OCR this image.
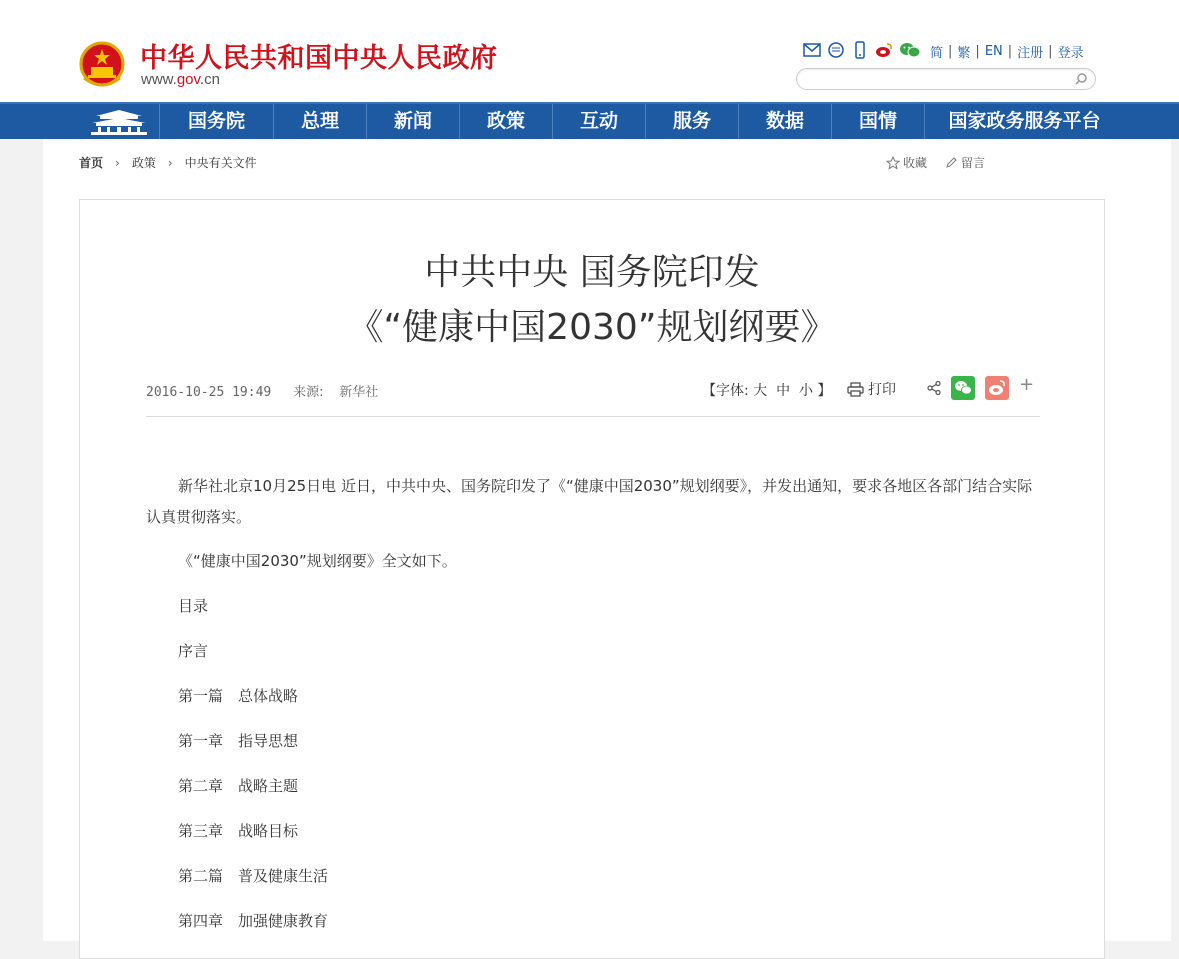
中华人民共和国中央人民政府
www.gov.cn
简 | 繁 | EN | 注册 | 登录
国务院	总理	新闻	政策	互动	服务	数据	国情	国家政务服务平台
首页 › 政策 › 中央有关文件	收藏	留言
中共中央 国务院印发
《“健康中国2030”规划纲要》
2016-10-25 19:49 来源: 新华社	【字体: 大 中 小 】	打印	+

新华社北京10月25日电 近日，中共中央、国务院印发了《“健康中国2030”规划纲要》，并发出通知，要求各地区各部门结合实际认真贯彻落实。

《“健康中国2030”规划纲要》全文如下。

目录

序言

第一篇　总体战略

第一章　指导思想

第二章　战略主题

第三章　战略目标

第二篇　普及健康生活

第四章　加强健康教育
